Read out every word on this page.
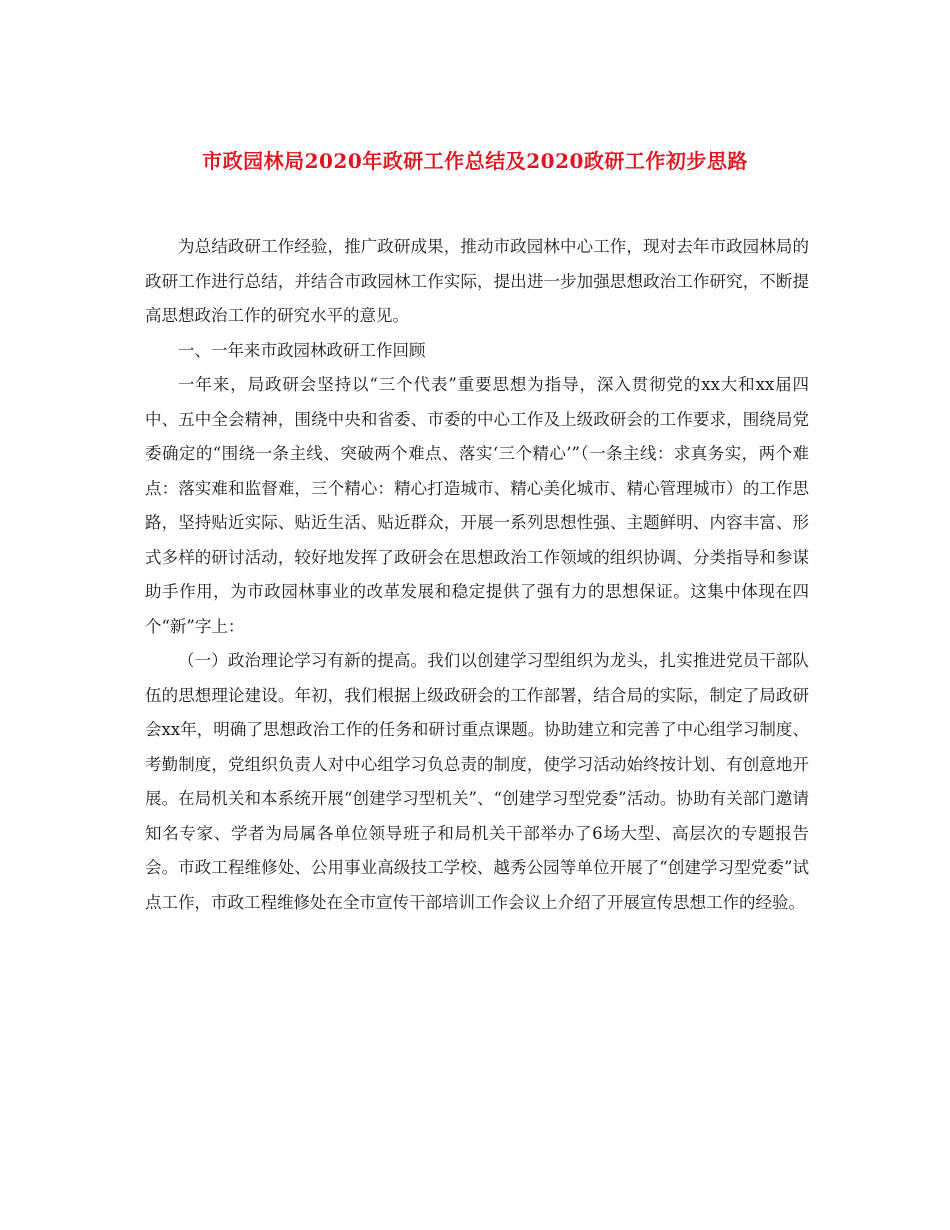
市政园林局2020年政研工作总结及2020政研工作初步思路

为总结政研工作经验，推广政研成果，推动市政园林中心工作，现对去年市政园林局的政研工作进行总结，并结合市政园林工作实际，提出进一步加强思想政治工作研究，不断提高思想政治工作的研究水平的意见。

一、一年来市政园林政研工作回顾

一年来，局政研会坚持以“三个代表”重要思想为指导，深入贯彻党的xx大和xx届四中、五中全会精神，围绕中央和省委、市委的中心工作及上级政研会的工作要求，围绕局党委确定的“围绕一条主线、突破两个难点、落实‘三个精心’”（一条主线：求真务实，两个难点：落实难和监督难，三个精心：精心打造城市、精心美化城市、精心管理城市）的工作思路，坚持贴近实际、贴近生活、贴近群众，开展一系列思想性强、主题鲜明、内容丰富、形式多样的研讨活动，较好地发挥了政研会在思想政治工作领域的组织协调、分类指导和参谋助手作用，为市政园林事业的改革发展和稳定提供了强有力的思想保证。这集中体现在四个“新”字上：

（一）政治理论学习有新的提高。我们以创建学习型组织为龙头，扎实推进党员干部队伍的思想理论建设。年初，我们根据上级政研会的工作部署，结合局的实际，制定了局政研会xx年，明确了思想政治工作的任务和研讨重点课题。协助建立和完善了中心组学习制度、考勤制度，党组织负责人对中心组学习负总责的制度，使学习活动始终按计划、有创意地开展。在局机关和本系统开展“创建学习型机关”、“创建学习型党委”活动。协助有关部门邀请知名专家、学者为局属各单位领导班子和局机关干部举办了6场大型、高层次的专题报告会。市政工程维修处、公用事业高级技工学校、越秀公园等单位开展了“创建学习型党委”试点工作，市政工程维修处在全市宣传干部培训工作会议上介绍了开展宣传思想工作的经验。
